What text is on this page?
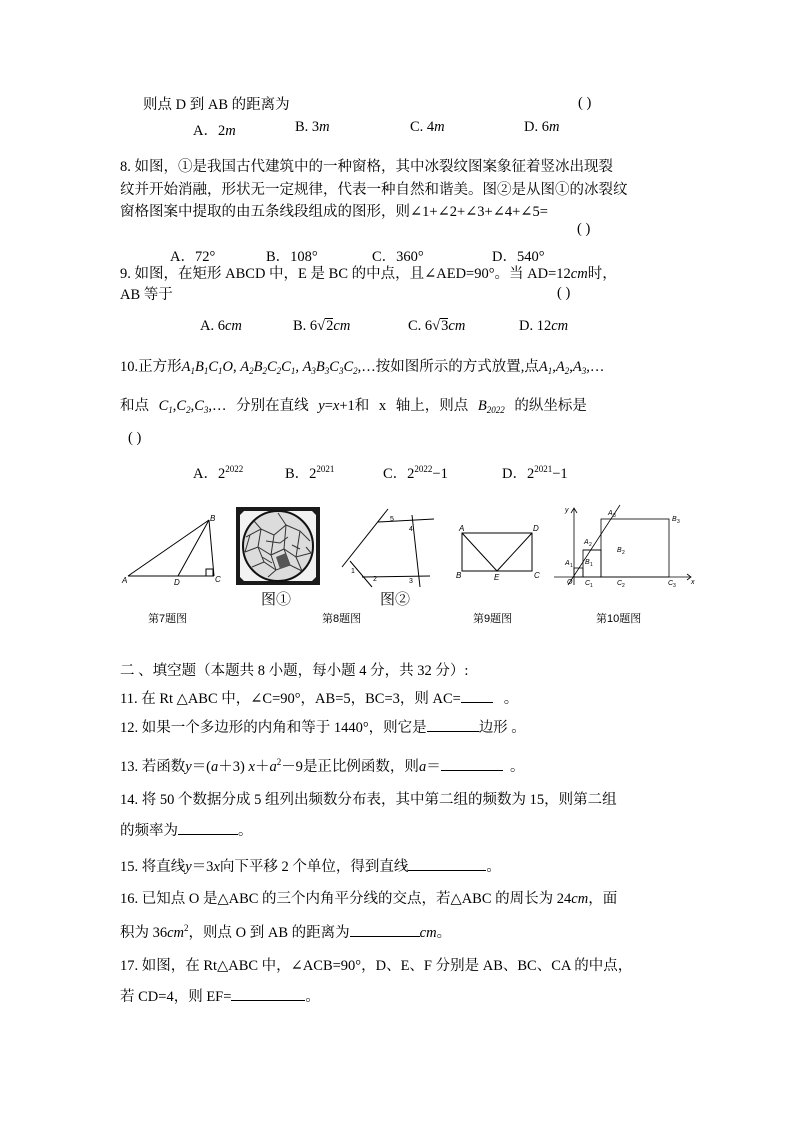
则点 D 到 AB 的距离为	( )
A．2m	B. 3m	C. 4m	D. 6m
8. 如图，①是我国古代建筑中的一种窗格，其中冰裂纹图案象征着竖冰出现裂
纹并开始消融，形状无一定规律，代表一种自然和谐美。图②是从图①的冰裂纹
窗格图案中提取的由五条线段组成的图形，则∠1+∠2+∠3+∠4+∠5=
( )
A．72°	B．108°	C．360°	D．540°
9. 如图，在矩形 ABCD 中，E 是 BC 的中点，且∠AED=90°。当 AD=12cm时，
AB 等于	( )
A. 6cm	B. 6√2cm	C. 6√3cm	D. 12cm
10.正方形$A_1B_1C_1O$, $A_2B_2C_2C_1$, $A_3B_3C_3C_2,\dots$按如图所示的方式放置,点$A_1,A_2,A_3,\dots$
和点 $C_1,C_2,C_3,\dots$ 分别在直线 y=x+1和 x 轴上，则点 $B_{2022}$ 的纵坐标是
( )
A．$2^{2022}$	B．$2^{2021}$	C．$2^{2022}-1$	D．$2^{2021}-1$
A	D
B
C
第7题图
图①
5
4
1
2	3
图②
第8题图
A	D
B	E	C
第9题图
y
x
O
A 1
A 2
A 3
B 1
B 2
B 3
C 1	C 2	C 3
第10题图
二 、填空题（本题共 8 小题，每小题 4 分，共 32 分）:
11. 在 Rt △ABC 中，∠C=90°，AB=5，BC=3，则 AC=	。
12. 如果一个多边形的内角和等于 1440°，则它是	边形 。
13. 若函数y＝(a＋3) $x+a^2-9$是正比例函数，则a＝	。
14. 将 50 个数据分成 5 组列出频数分布表，其中第二组的频数为 15，则第二组
的频率为	。
15. 将直线y＝3x向下平移 2 个单位，得到直线	。
16. 已知点 O 是△ABC 的三个内角平分线的交点，若△ABC 的周长为 24cm，面
积为 $36cm^2$，则点 O 到 AB 的距离为	cm。
17. 如图，在 Rt△ABC 中，∠ACB=90°，D、E、F 分别是 AB、BC、CA 的中点，
若 CD=4，则 EF=	。
